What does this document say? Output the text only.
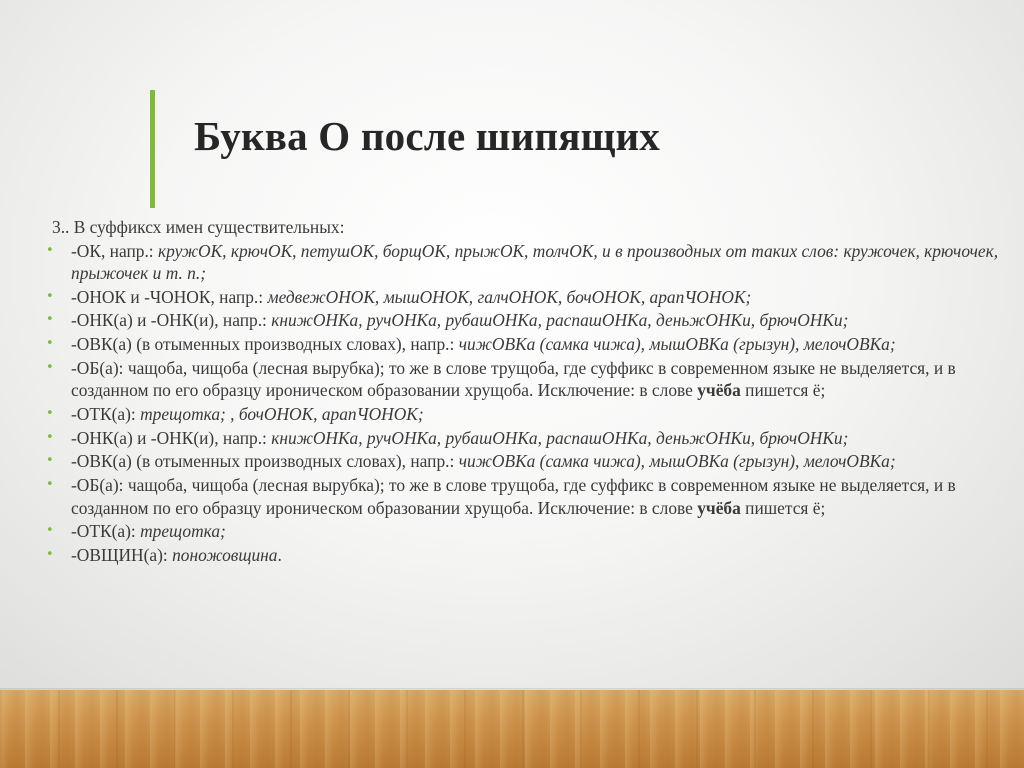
Буква О после шипящих

3.. В суффиксх имен существительных:

• -ОК, напр.: кружОК, крючОК, петушОК, борщОК, прыжОК, толчОК, и в производных от таких слов: кружочек, крючочек, прыжочек и т. п.;
• -ОНОК и -ЧОНОК, напр.: медвежОНОК, мышОНОК, галчОНОК, бочОНОК, арапЧОНОК;
• -ОНК(а) и -ОНК(и), напр.: книжОНКа, ручОНКа, рубашОНКа, распашОНКа, деньжОНКи, брючОНКи;
• -ОВК(а) (в отыменных производных словах), напр.: чижОВКа (самка чижа), мышОВКа (грызун), мелочОВКа;
• -ОБ(а): чащоба, чищоба (лесная вырубка); то же в слове трущоба, где суффикс в современном языке не выделяется, и в созданном по его образцу ироническом образовании хрущоба. Исключение: в слове учёба пишется ё;
• -ОТК(а): трещотка; , бочОНОК, арапЧОНОК;
• -ОНК(а) и -ОНК(и), напр.: книжОНКа, ручОНКа, рубашОНКа, распашОНКа, деньжОНКи, брючОНКи;
• -ОВК(а) (в отыменных производных словах), напр.: чижОВКа (самка чижа), мышОВКа (грызун), мелочОВКа;
• -ОБ(а): чащоба, чищоба (лесная вырубка); то же в слове трущоба, где суффикс в современном языке не выделяется, и в созданном по его образцу ироническом образовании хрущоба. Исключение: в слове учёба пишется ё;
• -ОТК(а): трещотка;
• -ОВЩИН(а): поножовщина.
